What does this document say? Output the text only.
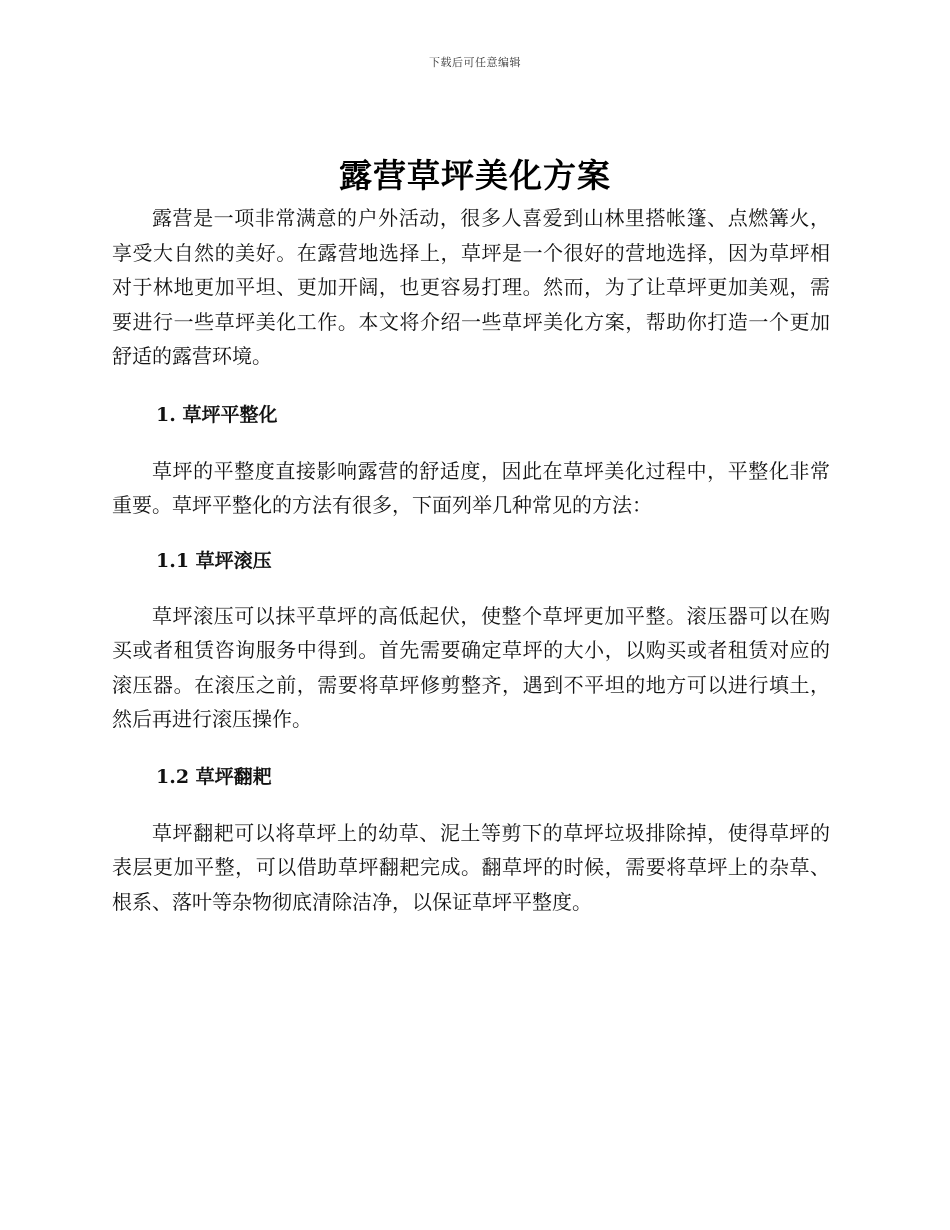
下载后可任意编辑
露营草坪美化方案

露营是一项非常满意的户外活动，很多人喜爱到山林里搭帐篷、点燃篝火，享受大自然的美好。在露营地选择上，草坪是一个很好的营地选择，因为草坪相对于林地更加平坦、更加开阔，也更容易打理。然而，为了让草坪更加美观，需要进行一些草坪美化工作。本文将介绍一些草坪美化方案，帮助你打造一个更加舒适的露营环境。

1. 草坪平整化

草坪的平整度直接影响露营的舒适度，因此在草坪美化过程中，平整化非常重要。草坪平整化的方法有很多，下面列举几种常见的方法：

1.1 草坪滚压

草坪滚压可以抹平草坪的高低起伏，使整个草坪更加平整。滚压器可以在购买或者租赁咨询服务中得到。首先需要确定草坪的大小，以购买或者租赁对应的滚压器。在滚压之前，需要将草坪修剪整齐，遇到不平坦的地方可以进行填土，然后再进行滚压操作。

1.2 草坪翻耙

草坪翻耙可以将草坪上的幼草、泥土等剪下的草坪垃圾排除掉，使得草坪的表层更加平整，可以借助草坪翻耙完成。翻草坪的时候，需要将草坪上的杂草、根系、落叶等杂物彻底清除洁净，以保证草坪平整度。
